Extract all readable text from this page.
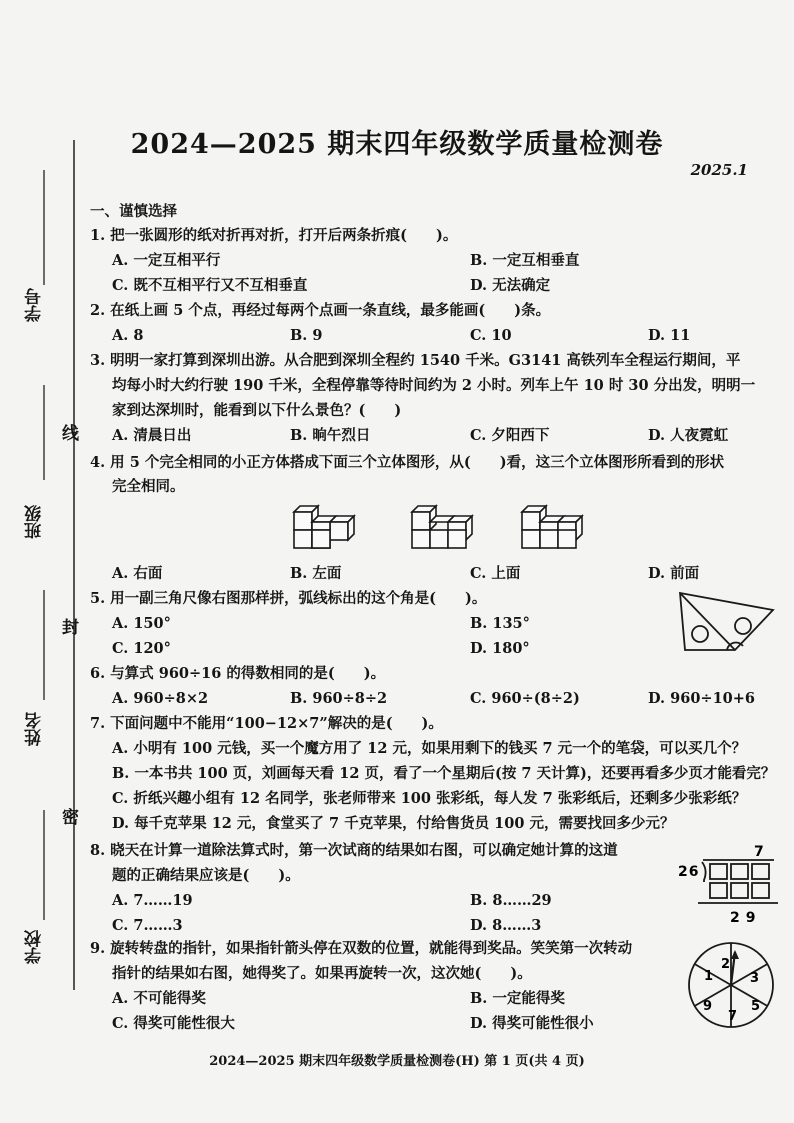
学号
班级
姓名
学校
线
封
密
2024—2025 期末四年级数学质量检测卷
2025.1
一、谨慎选择
1. 把一张圆形的纸对折再对折，打开后两条折痕(　　)。
A. 一定互相平行	B. 一定互相垂直
C. 既不互相平行又不互相垂直	D. 无法确定
2. 在纸上画 5 个点，再经过每两个点画一条直线，最多能画(　　)条。
A. 8	B. 9	C. 10	D. 11
3. 明明一家打算到深圳出游。从合肥到深圳全程约 1540 千米。G3141 高铁列车全程运行期间，平
均每小时大约行驶 190 千米，全程停靠等待时间约为 2 小时。列车上午 10 时 30 分出发，明明一
家到达深圳时，能看到以下什么景色？(　　)
A. 清晨日出	B. 晌午烈日	C. 夕阳西下	D. 人夜霓虹
4. 用 5 个完全相同的小正方体搭成下面三个立体图形，从(　　)看，这三个立体图形所看到的形状
完全相同。
A. 右面	B. 左面	C. 上面	D. 前面
5. 用一副三角尺像右图那样拼，弧线标出的这个角是(　　)。
A. 150°	B. 135°
C. 120°	D. 180°
6. 与算式 960÷16 的得数相同的是(　　)。
A. 960÷8×2	B. 960÷8÷2	C. 960÷(8÷2)	D. 960÷10+6
7. 下面问题中不能用“100−12×7”解决的是(　　)。
A. 小明有 100 元钱，买一个魔方用了 12 元，如果用剩下的钱买 7 元一个的笔袋，可以买几个？
B. 一本书共 100 页，刘画每天看 12 页，看了一个星期后(按 7 天计算)，还要再看多少页才能看完？
C. 折纸兴趣小组有 12 名同学，张老师带来 100 张彩纸，每人发 7 张彩纸后，还剩多少张彩纸？
D. 每千克苹果 12 元，食堂买了 7 千克苹果，付给售货员 100 元，需要找回多少元？
8. 晓天在计算一道除法算式时，第一次试商的结果如右图，可以确定她计算的这道
题的正确结果应该是(　　)。
A. 7……19	B. 8……29
C. 7……3	D. 8……3
7
26
29
9. 旋转转盘的指针，如果指针箭头停在双数的位置，就能得到奖品。笑笑第一次转动
指针的结果如右图，她得奖了。如果再旋转一次，这次她(　　)。
A. 不可能得奖	B. 一定能得奖
C. 得奖可能性很大	D. 得奖可能性很小
1
2
3
5
7
9
2024—2025 期末四年级数学质量检测卷(H) 第 1 页(共 4 页)
